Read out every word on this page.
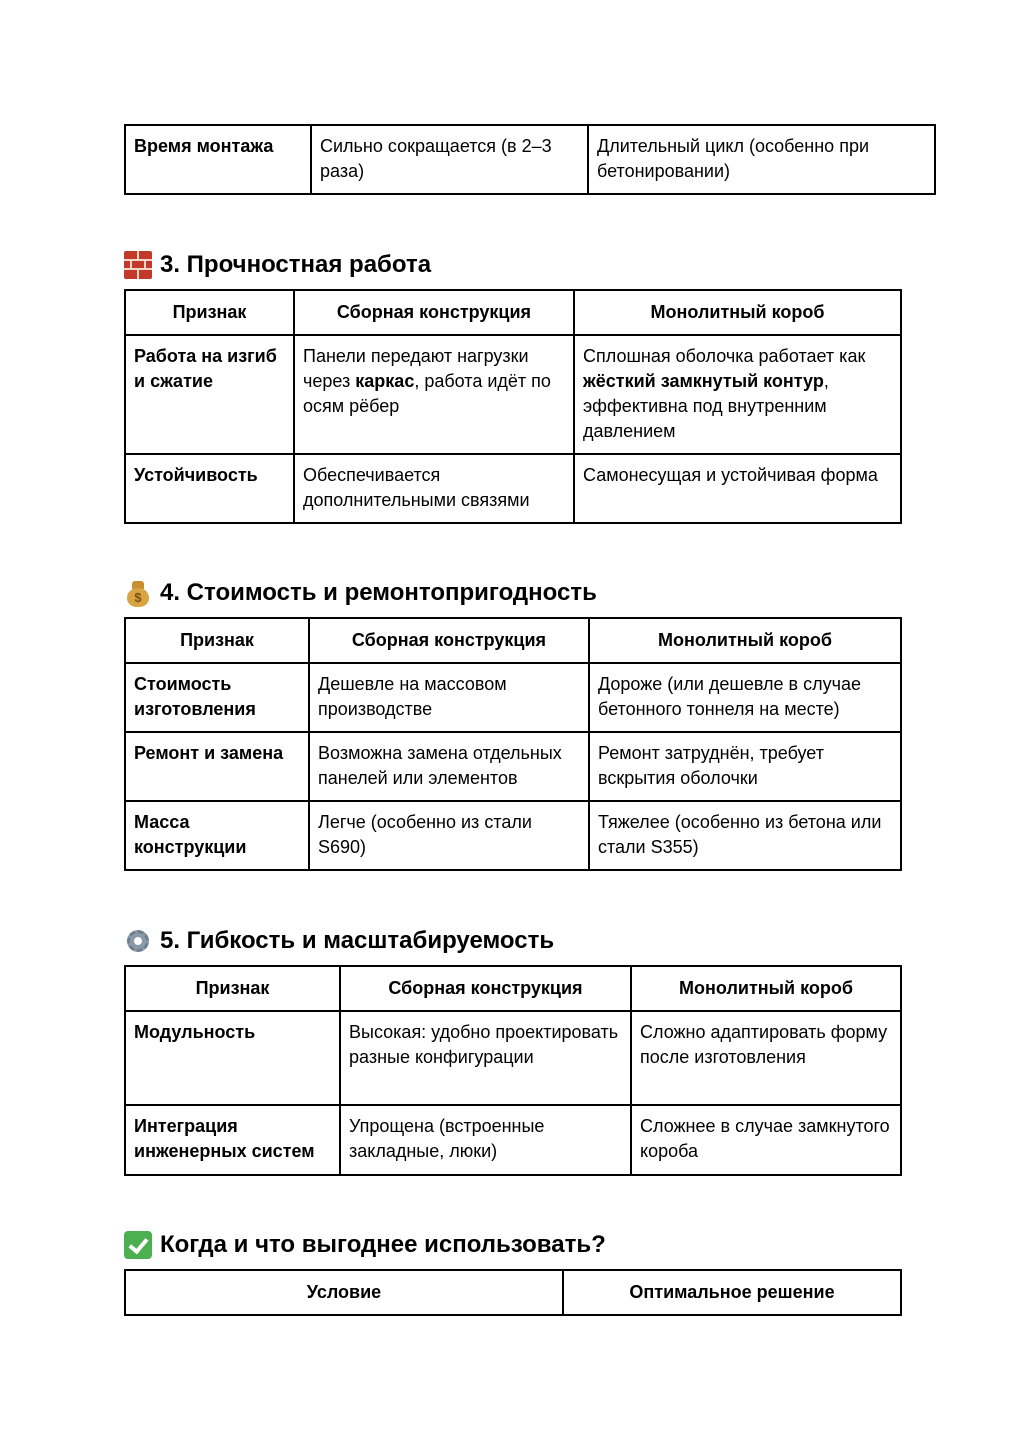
Время монтажа	Сильно сокращается (в 2–3 раза)	Длительный цикл (особенно при бетонировании)
3. Прочностная работа
Признак	Сборная конструкция	Монолитный короб
Работа на изгиб и сжатие	Панели передают нагрузки через каркас, работа идёт по осям рёбер	Сплошная оболочка работает как жёсткий замкнутый контур, эффективна под внутренним давлением
Устойчивость	Обеспечивается дополнительными связями	Самонесущая и устойчивая форма
$ 4. Стоимость и ремонтопригодность
Признак	Сборная конструкция	Монолитный короб
Стоимость изготовления	Дешевле на массовом производстве	Дороже (или дешевле в случае бетонного тоннеля на месте)
Ремонт и замена	Возможна замена отдельных панелей или элементов	Ремонт затруднён, требует вскрытия оболочки
Масса конструкции	Легче (особенно из стали S690)	Тяжелее (особенно из бетона или стали S355)
5. Гибкость и масштабируемость
Признак	Сборная конструкция	Монолитный короб
Модульность	Высокая: удобно проектировать разные конфигурации	Сложно адаптировать форму после изготовления
Интеграция инженерных систем	Упрощена (встроенные закладные, люки)	Сложнее в случае замкнутого короба
Когда и что выгоднее использовать?
Условие	Оптимальное решение
